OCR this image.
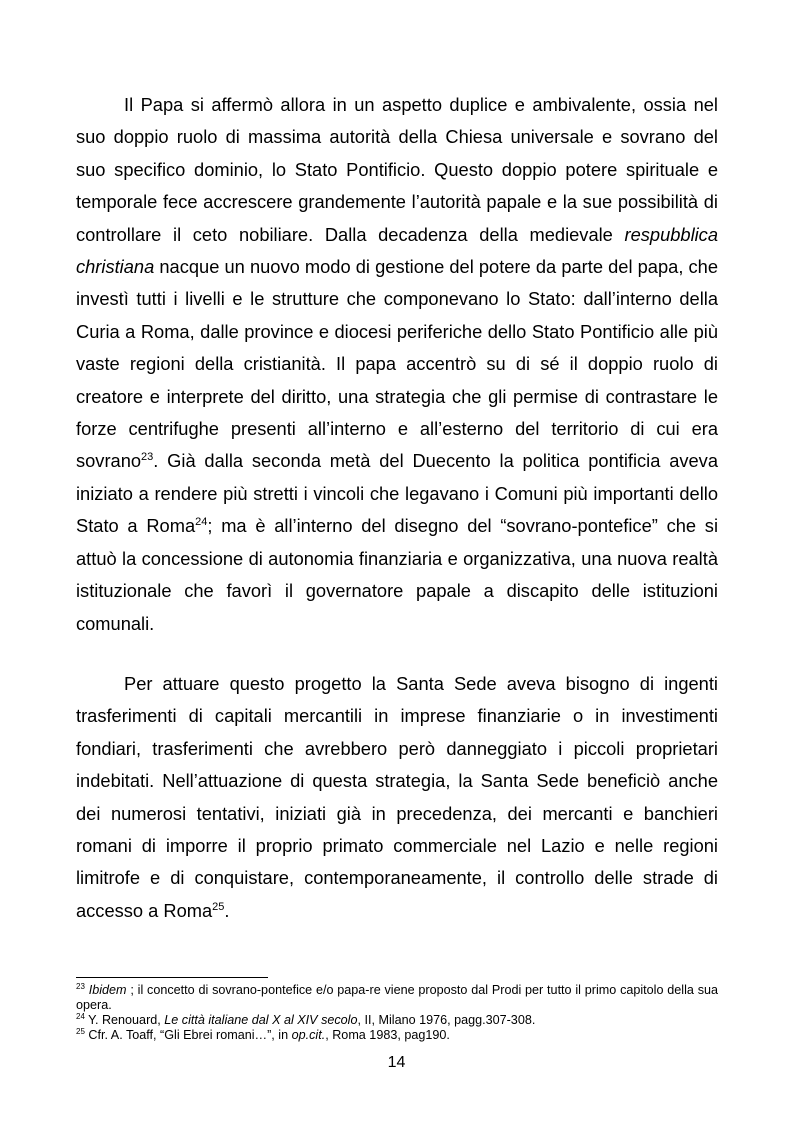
Il Papa si affermò allora in un aspetto duplice e ambivalente, ossia nel suo doppio ruolo di massima autorità della Chiesa universale e sovrano del suo specifico dominio, lo Stato Pontificio. Questo doppio potere spirituale e temporale fece accrescere grandemente l’autorità papale e la sue possibilità di controllare il ceto nobiliare. Dalla decadenza della medievale respubblica christiana nacque un nuovo modo di gestione del potere da parte del papa, che investì tutti i livelli e le strutture che componevano lo Stato: dall’interno della Curia a Roma, dalle province e diocesi periferiche dello Stato Pontificio alle più vaste regioni della cristianità. Il papa accentrò su di sé il doppio ruolo di creatore e interprete del diritto, una strategia che gli permise di contrastare le forze centrifughe presenti all’interno e all’esterno del territorio di cui era sovrano$^{23}$. Già dalla seconda metà del Duecento la politica pontificia aveva iniziato a rendere più stretti i vincoli che legavano i Comuni più importanti dello Stato a Roma$^{24}$; ma è all’interno del disegno del “sovrano-pontefice” che si attuò la concessione di autonomia finanziaria e organizzativa, una nuova realtà istituzionale che favorì il governatore papale a discapito delle istituzioni comunali.

Per attuare questo progetto la Santa Sede aveva bisogno di ingenti trasferimenti di capitali mercantili in imprese finanziarie o in investimenti fondiari, trasferimenti che avrebbero però danneggiato i piccoli proprietari indebitati. Nell’attuazione di questa strategia, la Santa Sede beneficiò anche dei numerosi tentativi, iniziati già in precedenza, dei mercanti e banchieri romani di imporre il proprio primato commerciale nel Lazio e nelle regioni limitrofe e di conquistare, contemporaneamente, il controllo delle strade di accesso a Roma$^{25}$.

$^{23}$ Ibidem ; il concetto di sovrano-pontefice e/o papa-re viene proposto dal Prodi per tutto il primo capitolo della sua opera.

$^{24}$ Y. Renouard, Le città italiane dal X al XIV secolo, II, Milano 1976, pagg.307-308.

$^{25}$ Cfr. A. Toaff, “Gli Ebrei romani…”, in op.cit., Roma 1983, pag190.

14
